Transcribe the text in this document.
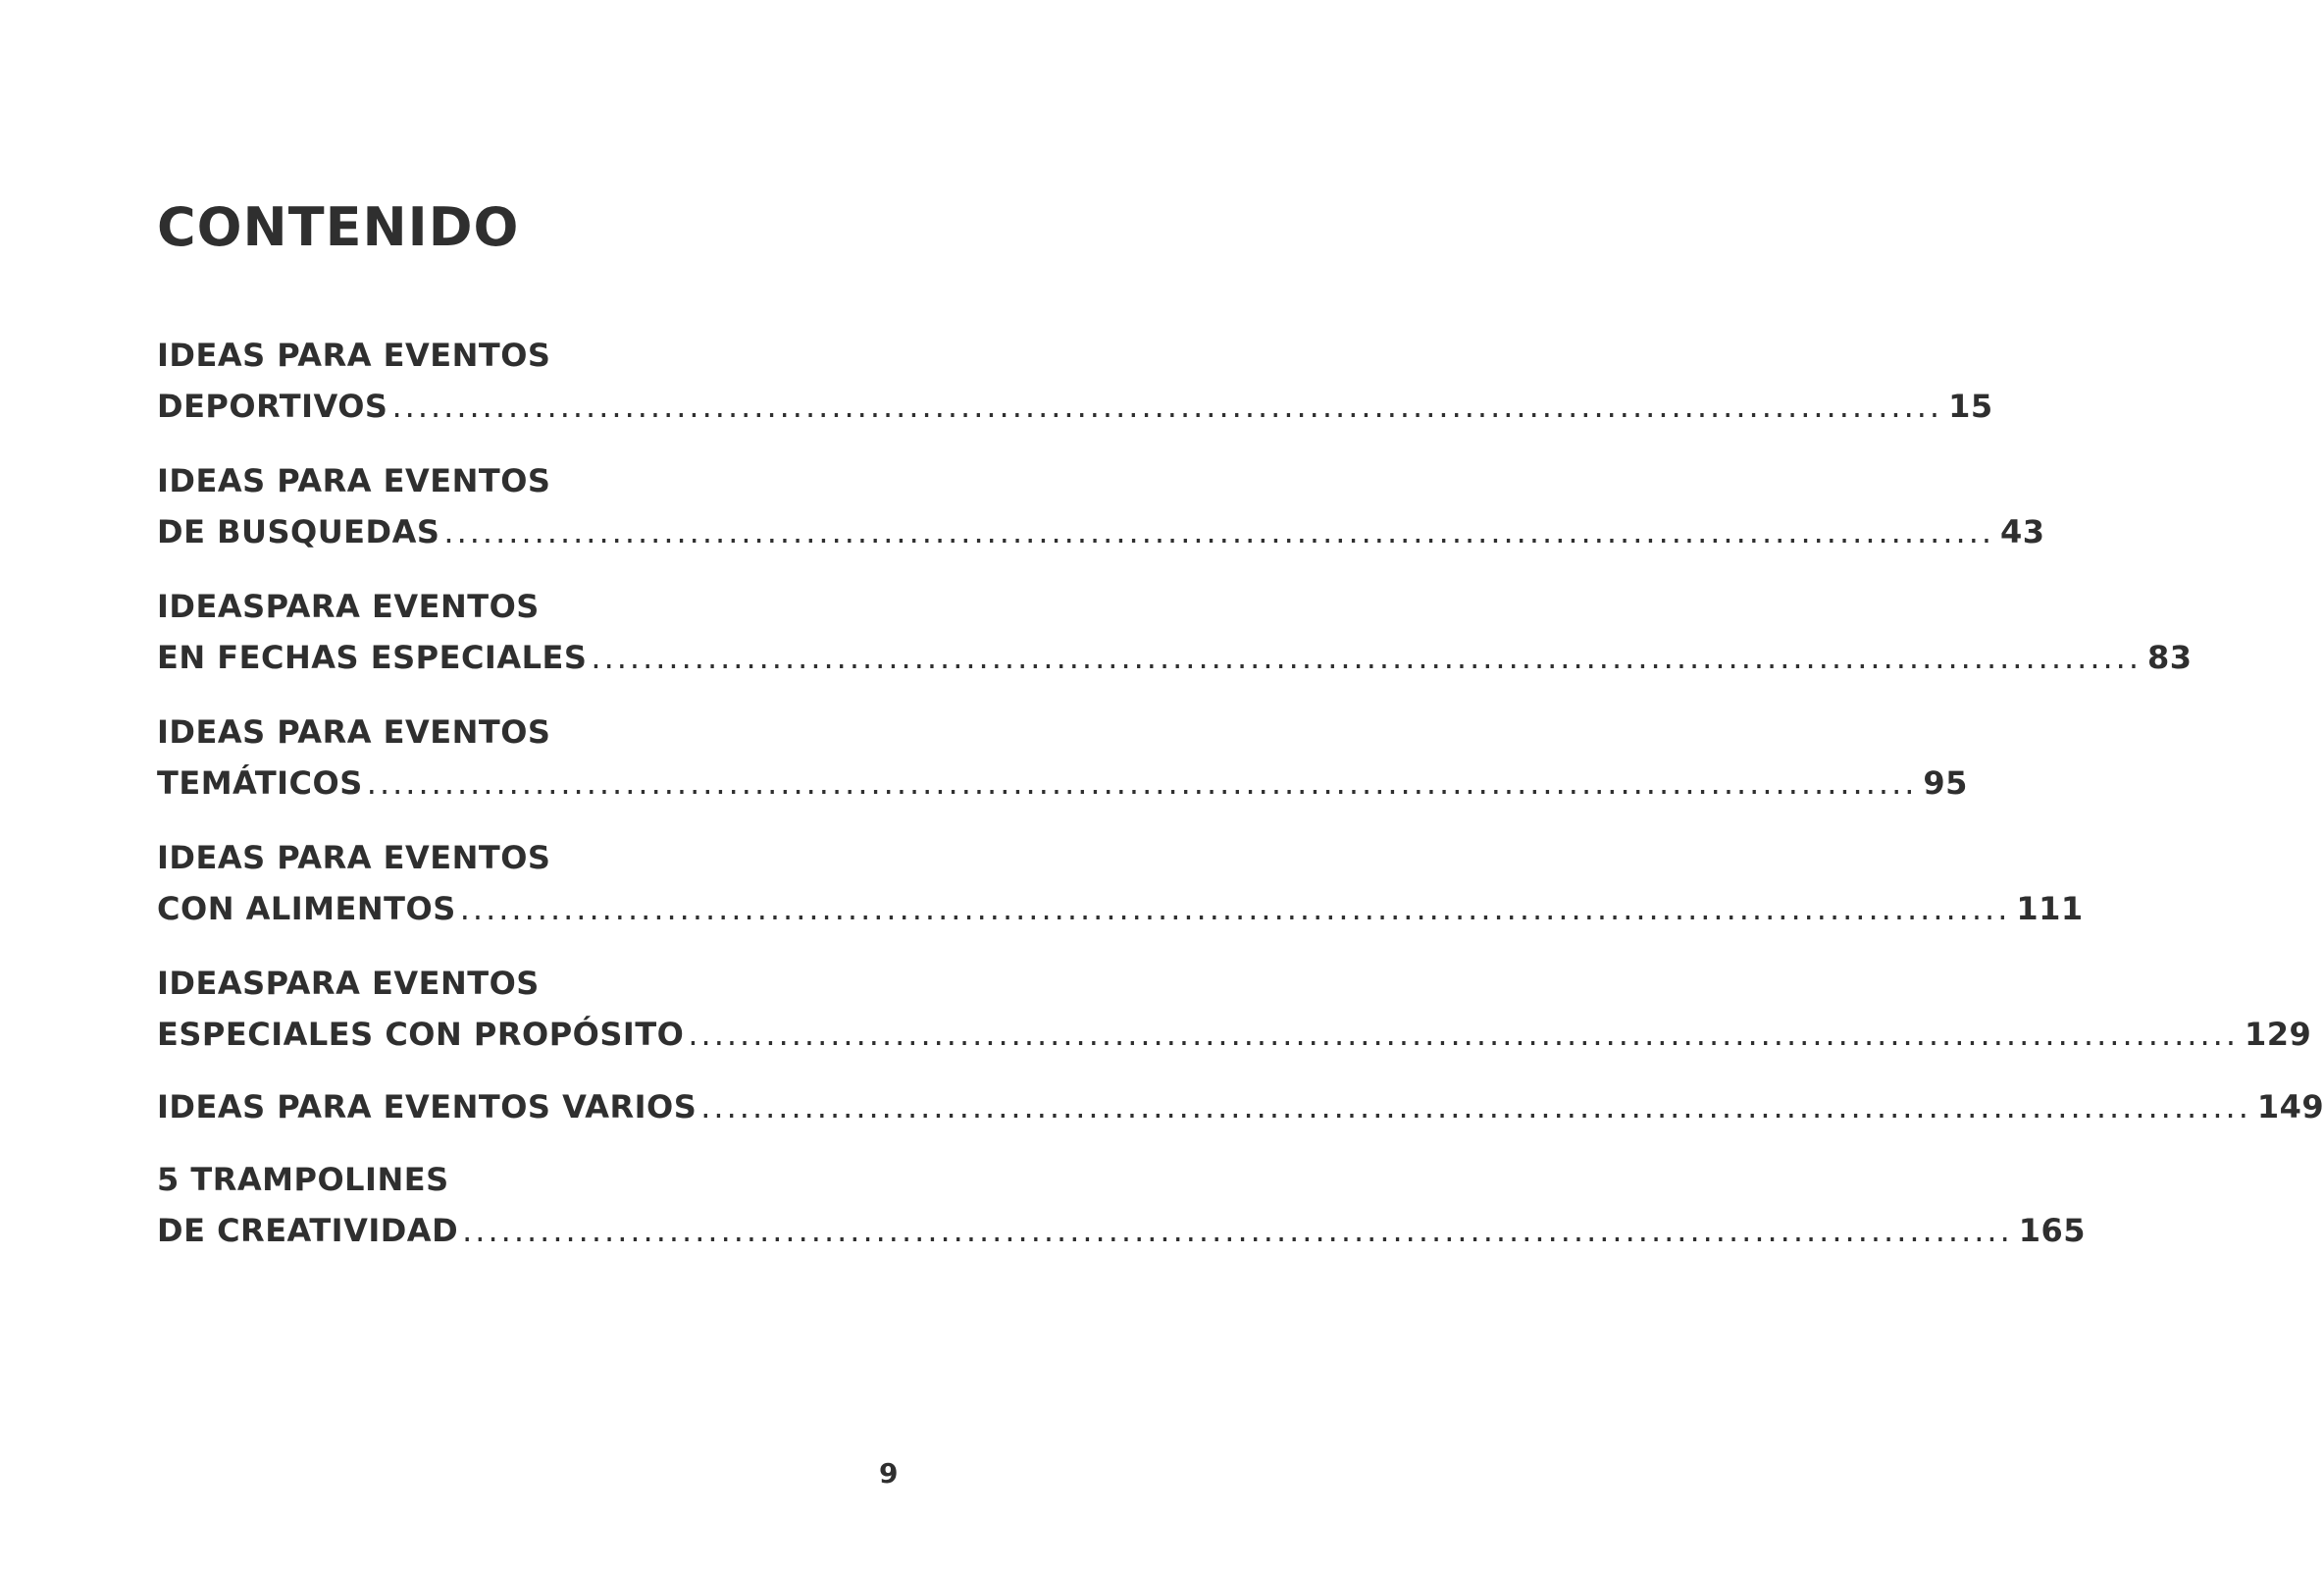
CONTENIDO
IDEAS PARA EVENTOS
DEPORTIVOS ........................................................................................................................ 15
IDEAS PARA EVENTOS
DE BUSQUEDAS ........................................................................................................................ 43
IDEASPARA EVENTOS
EN FECHAS ESPECIALES ........................................................................................................................ 83
IDEAS PARA EVENTOS
TEMÁTICOS ........................................................................................................................ 95
IDEAS PARA EVENTOS
CON ALIMENTOS ........................................................................................................................ 111
IDEASPARA EVENTOS
ESPECIALES CON PROPÓSITO ........................................................................................................................ 129
IDEAS PARA EVENTOS VARIOS ........................................................................................................................ 149
5 TRAMPOLINES
DE CREATIVIDAD ........................................................................................................................ 165
9
